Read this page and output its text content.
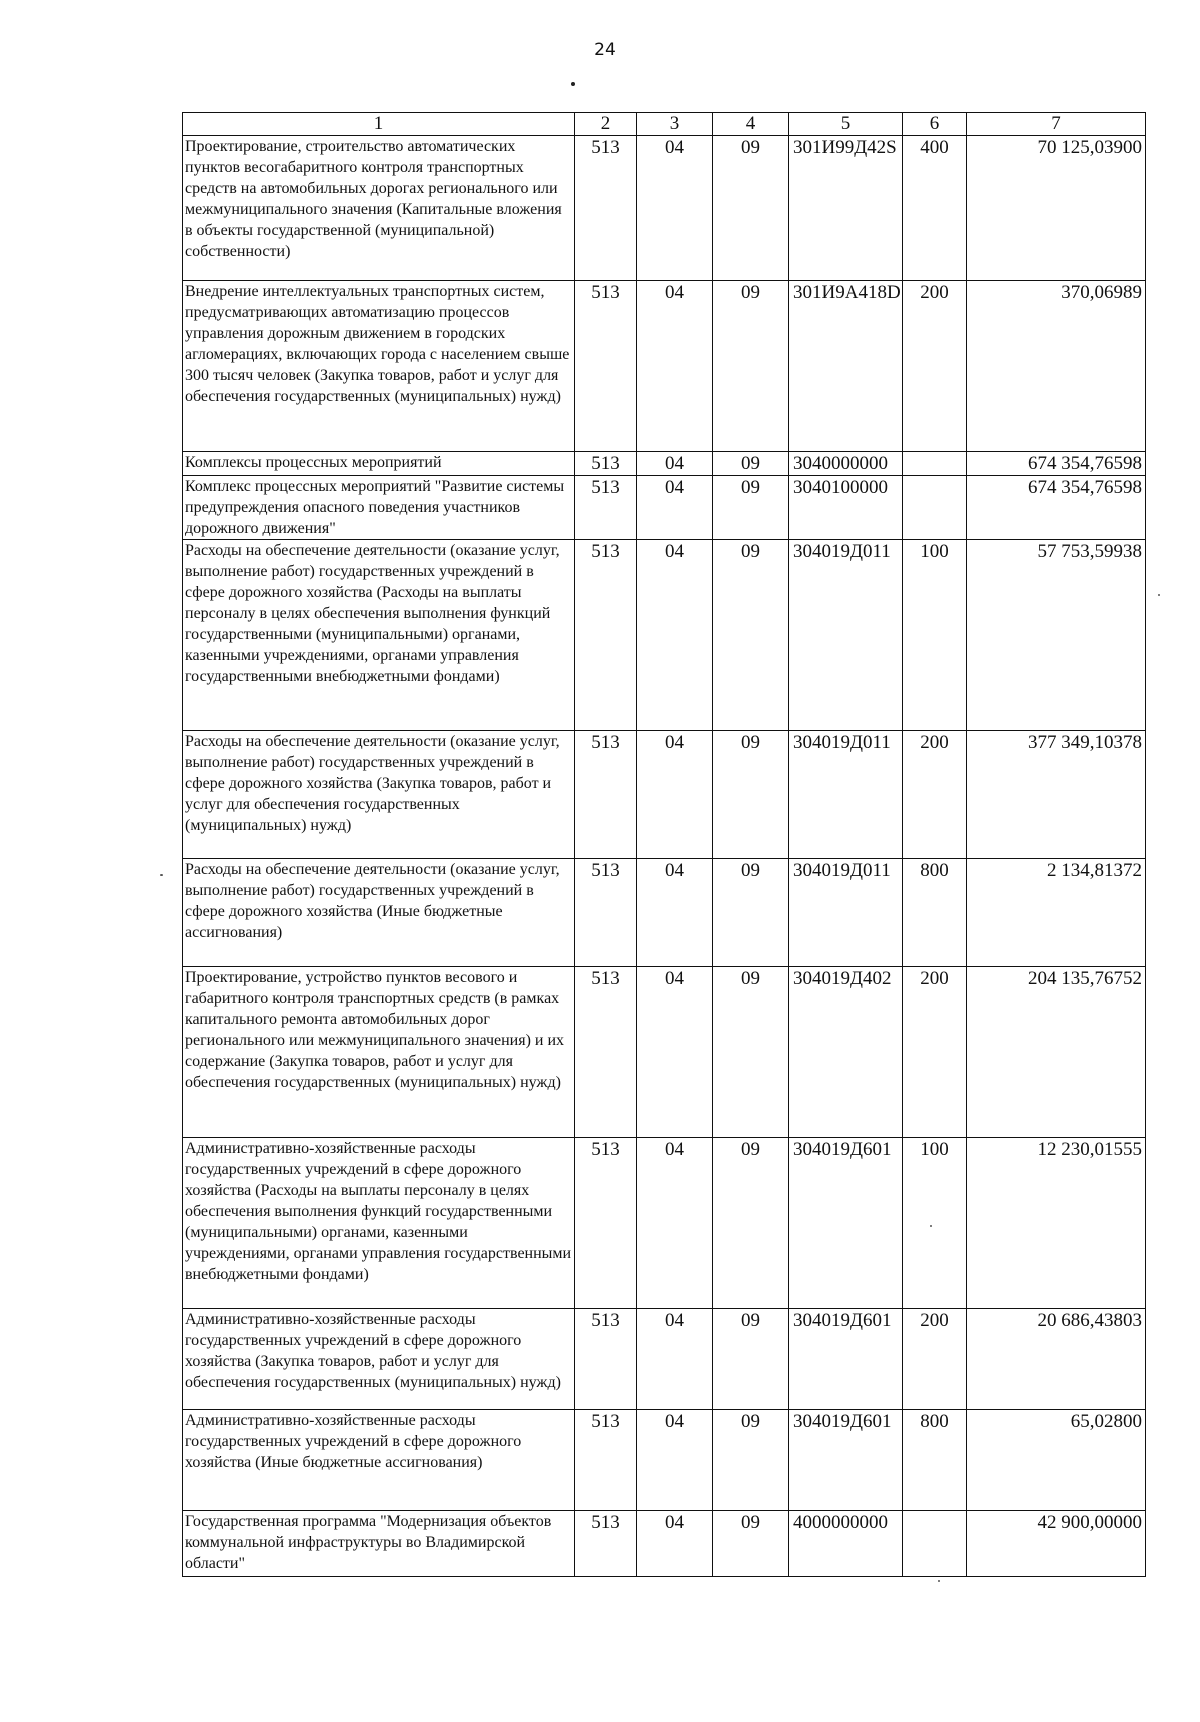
24
1	2	3	4	5	6	7
Проектирование, строительство автоматических пунктов весогабаритного контроля транспортных средств на автомобильных дорогах регионального или межмуниципального значения (Капитальные вложения в объекты государственной (муниципальной) собственности)	513	04	09	301И99Д42S	400	70 125,03900
Внедрение интеллектуальных транспортных систем, предусматривающих автоматизацию процессов управления дорожным движением в городских агломерациях, включающих города с населением свыше 300 тысяч человек (Закупка товаров, работ и услуг для обеспечения государственных (муниципальных) нужд)	513	04	09	301И9А418D	200	370,06989
Комплексы процессных мероприятий	513	04	09	3040000000		674 354,76598
Комплекс процессных мероприятий "Развитие системы предупреждения опасного поведения участников дорожного движения"	513	04	09	3040100000		674 354,76598
Расходы на обеспечение деятельности (оказание услуг, выполнение работ) государственных учреждений в сфере дорожного хозяйства (Расходы на выплаты персоналу в целях обеспечения выполнения функций государственными (муниципальными) органами, казенными учреждениями, органами управления государственными внебюджетными фондами)	513	04	09	304019Д011	100	57 753,59938
Расходы на обеспечение деятельности (оказание услуг, выполнение работ) государственных учреждений в сфере дорожного хозяйства (Закупка товаров, работ и услуг для обеспечения государственных (муниципальных) нужд)	513	04	09	304019Д011	200	377 349,10378
Расходы на обеспечение деятельности (оказание услуг, выполнение работ) государственных учреждений в сфере дорожного хозяйства (Иные бюджетные ассигнования)	513	04	09	304019Д011	800	2 134,81372
Проектирование, устройство пунктов весового и габаритного контроля транспортных средств (в рамках капитального ремонта автомобильных дорог регионального или межмуниципального значения) и их содержание (Закупка товаров, работ и услуг для обеспечения государственных (муниципальных) нужд)	513	04	09	304019Д402	200	204 135,76752
Административно-хозяйственные расходы государственных учреждений в сфере дорожного хозяйства (Расходы на выплаты персоналу в целях обеспечения выполнения функций государственными (муниципальными) органами, казенными учреждениями, органами управления государственными внебюджетными фондами)	513	04	09	304019Д601	100	12 230,01555
Административно-хозяйственные расходы государственных учреждений в сфере дорожного хозяйства (Закупка товаров, работ и услуг для обеспечения государственных (муниципальных) нужд)	513	04	09	304019Д601	200	20 686,43803
Административно-хозяйственные расходы государственных учреждений в сфере дорожного хозяйства (Иные бюджетные ассигнования)	513	04	09	304019Д601	800	65,02800
Государственная программа "Модернизация объектов коммунальной инфраструктуры во Владимирской области"	513	04	09	4000000000		42 900,00000
